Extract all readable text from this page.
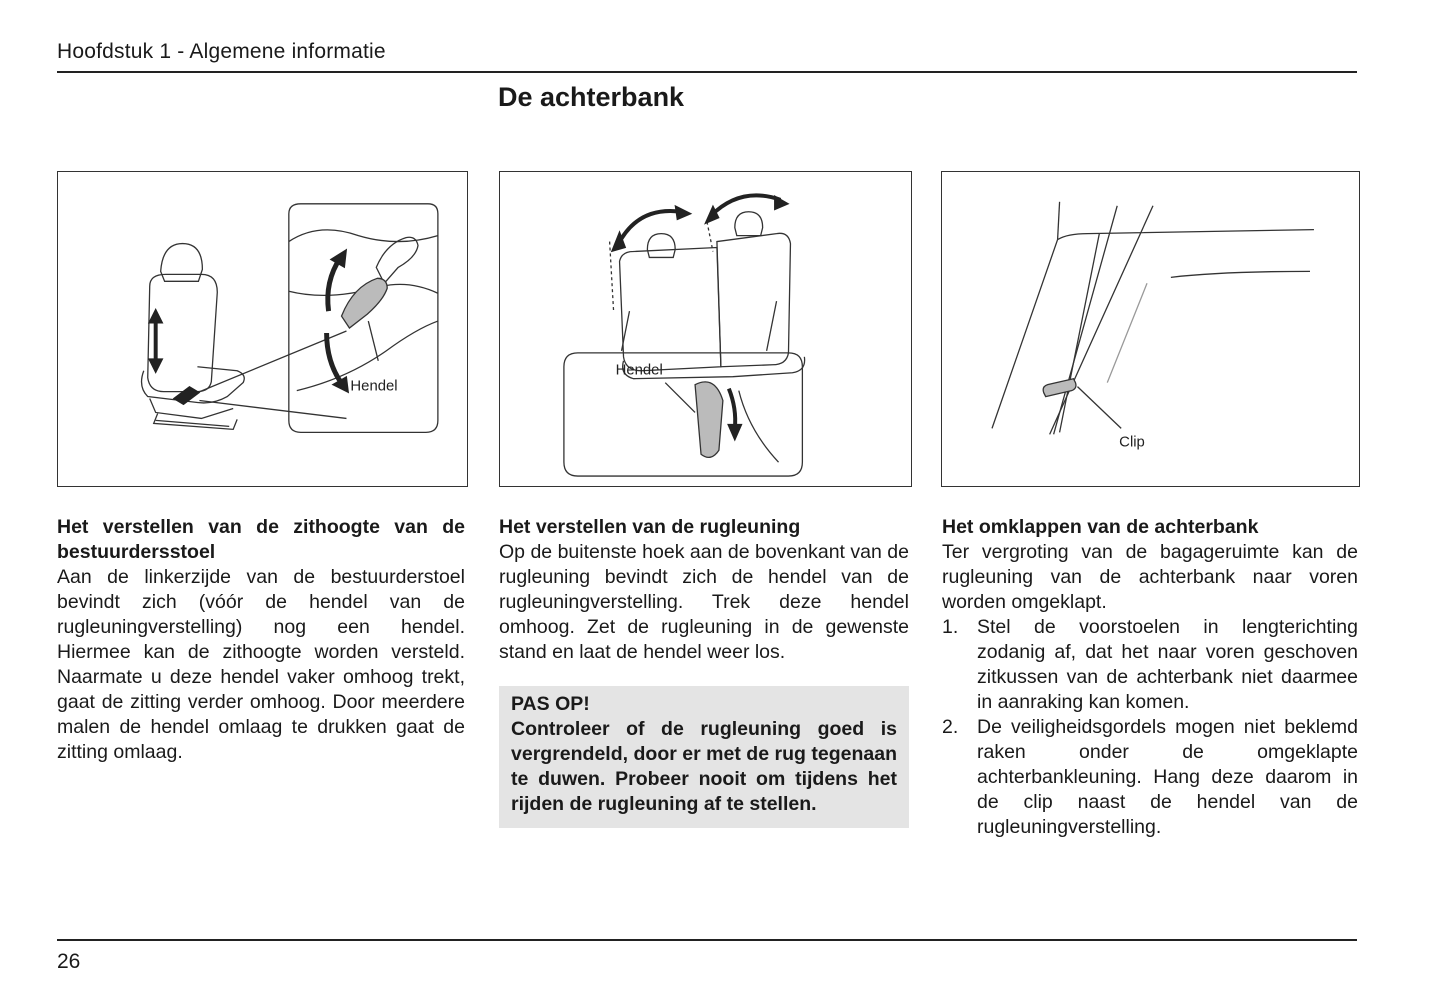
Hoofdstuk 1 - Algemene informatie
De achterbank
Hendel
Hendel
Clip
Het verstellen van de zithoogte van de bestuurdersstoel

Aan de linkerzijde van de bestuurderstoel bevindt zich (vóór de hendel van de rugleuningverstelling) nog een hendel. Hiermee kan de zithoogte worden versteld. Naarmate u deze hendel vaker omhoog trekt, gaat de zitting verder omhoog. Door meerdere malen de hendel omlaag te drukken gaat de zitting omlaag.

Het verstellen van de rugleuning

Op de buitenste hoek aan de bovenkant van de rugleuning bevindt zich de hendel van de rugleuningverstelling. Trek deze hendel omhoog. Zet de rugleuning in de gewenste stand en laat de hendel weer los.

PAS OP!

Controleer of de rugleuning goed is vergrendeld, door er met de rug tegenaan te duwen. Probeer nooit om tijdens het rijden de rugleuning af te stellen.

Het omklappen van de achterbank

Ter vergroting van de bagageruimte kan de rugleuning van de achterbank naar voren worden omgeklapt.

1. Stel de voorstoelen in lengterichting zodanig af, dat het naar voren geschoven zitkussen van de achterbank niet daarmee in aanraking kan komen.
2. De veiligheidsgordels mogen niet beklemd raken onder de omgeklapte achterbankleuning. Hang deze daarom in de clip naast de hendel van de rugleuningverstelling.
26
